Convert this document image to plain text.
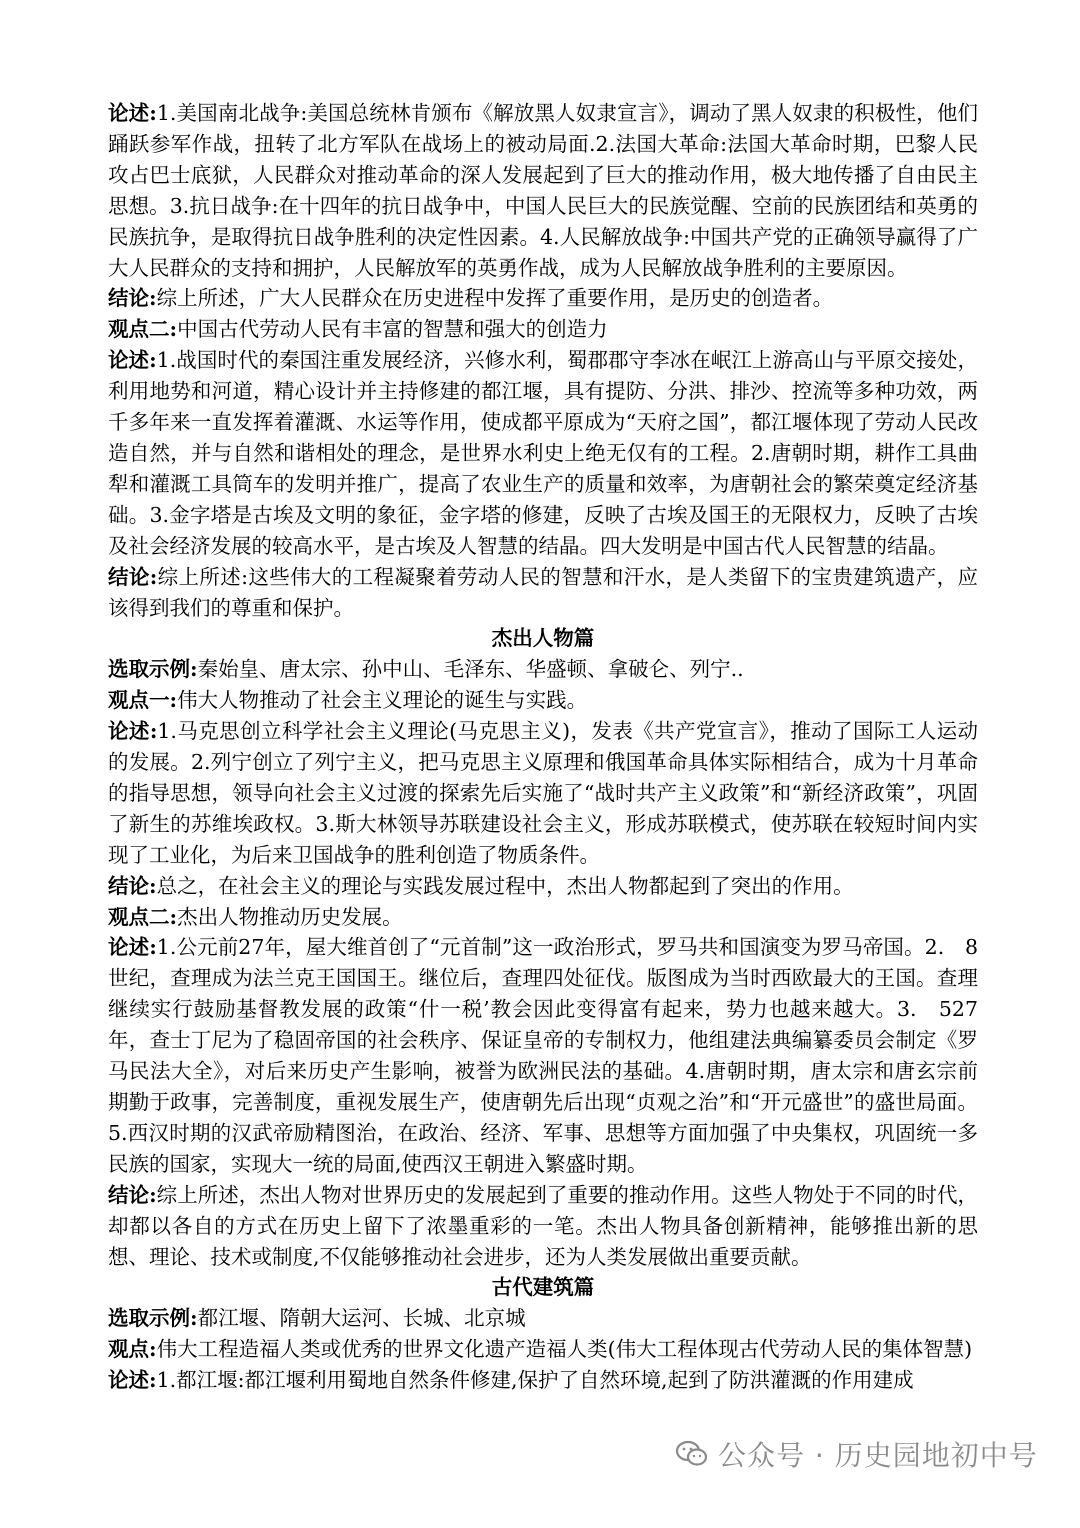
论述:1.美国南北战争:美国总统林肯颁布《解放黑人奴隶宣言》，调动了黑人奴隶的积极性，他们踊跃参军作战，扭转了北方军队在战场上的被动局面.2.法国大革命:法国大革命时期，巴黎人民攻占巴士底狱，人民群众对推动革命的深人发展起到了巨大的推动作用，极大地传播了自由民主思想。3.抗日战争:在十四年的抗日战争中，中国人民巨大的民族觉醒、空前的民族团结和英勇的民族抗争，是取得抗日战争胜利的决定性因素。4.人民解放战争:中国共产党的正确领导赢得了广大人民群众的支持和拥护，人民解放军的英勇作战，成为人民解放战争胜利的主要原因。

结论:综上所述，广大人民群众在历史进程中发挥了重要作用，是历史的创造者。

观点二:中国古代劳动人民有丰富的智慧和强大的创造力

论述:1.战国时代的秦国注重发展经济，兴修水利，蜀郡郡守李冰在岷江上游高山与平原交接处，利用地势和河道，精心设计并主持修建的都江堰，具有提防、分洪、排沙、控流等多种功效，两千多年来一直发挥着灌溉、水运等作用，使成都平原成为“天府之国”，都江堰体现了劳动人民改造自然，并与自然和谐相处的理念，是世界水利史上绝无仅有的工程。2.唐朝时期，耕作工具曲犁和灌溉工具筒车的发明并推广，提高了农业生产的质量和效率，为唐朝社会的繁荣奠定经济基础。3.金字塔是古埃及文明的象征，金字塔的修建，反映了古埃及国王的无限权力，反映了古埃及社会经济发展的较高水平，是古埃及人智慧的结晶。四大发明是中国古代人民智慧的结晶。

结论:综上所述:这些伟大的工程凝聚着劳动人民的智慧和汗水，是人类留下的宝贵建筑遗产，应该得到我们的尊重和保护。

杰出人物篇

选取示例:秦始皇、唐太宗、孙中山、毛泽东、华盛顿、拿破仑、列宁..

观点一:伟大人物推动了社会主义理论的诞生与实践。

论述:1.马克思创立科学社会主义理论(马克思主义)，发表《共产党宣言》，推动了国际工人运动的发展。2.列宁创立了列宁主义，把马克思主义原理和俄国革命具体实际相结合，成为十月革命的指导思想，领导向社会主义过渡的探索先后实施了“战时共产主义政策”和“新经济政策”，巩固了新生的苏维埃政权。3.斯大林领导苏联建设社会主义，形成苏联模式，使苏联在较短时间内实现了工业化，为后来卫国战争的胜利创造了物质条件。

结论:总之，在社会主义的理论与实践发展过程中，杰出人物都起到了突出的作用。

观点二:杰出人物推动历史发展。

论述:1.公元前27年，屋大维首创了“元首制”这一政治形式，罗马共和国演变为罗马帝国。2.　8世纪，查理成为法兰克王国国王。继位后，查理四处征伐。版图成为当时西欧最大的王国。查理继续实行鼓励基督教发展的政策“什一税’教会因此变得富有起来，势力也越来越大。3.　527年，查士丁尼为了稳固帝国的社会秩序、保证皇帝的专制权力，他组建法典编纂委员会制定《罗马民法大全》，对后来历史产生影响，被誉为欧洲民法的基础。4.唐朝时期，唐太宗和唐玄宗前期勤于政事，完善制度，重视发展生产，使唐朝先后出现“贞观之治”和“开元盛世”的盛世局面。5.西汉时期的汉武帝励精图治，在政治、经济、军事、思想等方面加强了中央集权，巩固统一多民族的国家，实现大一统的局面,使西汉王朝进入繁盛时期。

结论:综上所述，杰出人物对世界历史的发展起到了重要的推动作用。这些人物处于不同的时代，却都以各自的方式在历史上留下了浓墨重彩的一笔。杰出人物具备创新精神，能够推出新的思想、理论、技术或制度,不仅能够推动社会进步，还为人类发展做出重要贡献。

古代建筑篇

选取示例:都江堰、隋朝大运河、长城、北京城

观点:伟大工程造福人类或优秀的世界文化遗产造福人类(伟大工程体现古代劳动人民的集体智慧)

论述:1.都江堰:都江堰利用蜀地自然条件修建,保护了自然环境,起到了防洪灌溉的作用建成

公众号 · 历史园地初中号
